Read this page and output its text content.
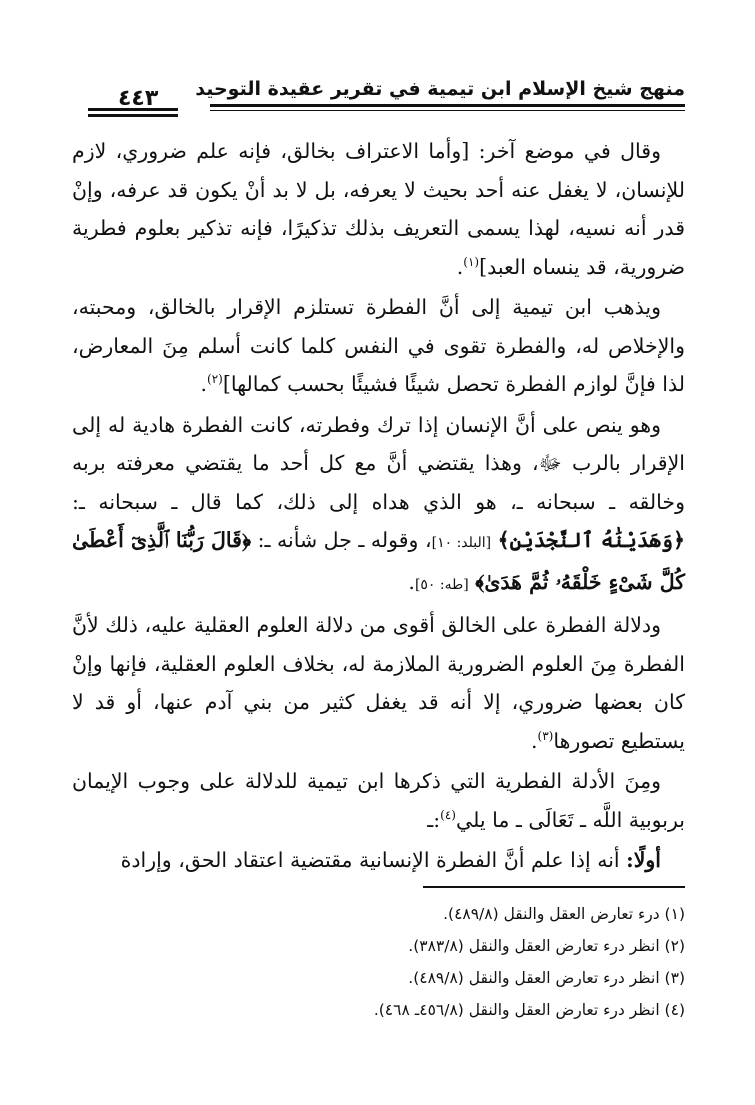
منهج شيخ الإسلام ابن تيمية في تقرير عقيدة التوحيد
٤٤٣

وقال في موضع آخر: [وأما الاعتراف بخالق، فإنه علم ضروري، لازم للإنسان، لا يغفل عنه أحد بحيث لا يعرفه، بل لا بد أنْ يكون قد عرفه، وإنْ قدر أنه نسيه، لهذا يسمى التعريف بذلك تذكيرًا، فإنه تذكير بعلوم فطرية ضرورية، قد ينساه العبد]$^{(١)}$.

ويذهب ابن تيمية إلى أنَّ الفطرة تستلزم الإقرار بالخالق، ومحبته، والإخلاص له، والفطرة تقوى في النفس كلما كانت أسلم مِنَ المعارض، لذا فإنَّ لوازم الفطرة تحصل شيئًا فشيئًا بحسب كمالها]$^{(٢)}$.

وهو ينص على أنَّ الإنسان إذا ترك وفطرته، كانت الفطرة هادية له إلى الإقرار بالرب ﷻ، وهذا يقتضي أنَّ مع كل أحد ما يقتضي معرفته بربه وخالقه ـ سبحانه ـ، هو الذي هداه إلى ذلك، كما قال ـ سبحانه ـ: ﴿وَهَدَيْنَٰهُ ٱلنَّجْدَيْنِ﴾ [البلد: ١٠]، وقوله ـ جل شأنه ـ: ﴿قَالَ رَبُّنَا ٱلَّذِىٓ أَعْطَىٰ كُلَّ شَىْءٍ خَلْقَهُۥ ثُمَّ هَدَىٰ﴾ [طه: ٥٠].

ودلالة الفطرة على الخالق أقوى من دلالة العلوم العقلية عليه، ذلك لأنَّ الفطرة مِنَ العلوم الضرورية الملازمة له، بخلاف العلوم العقلية، فإنها وإنْ كان بعضها ضروري، إلا أنه قد يغفل كثير من بني آدم عنها، أو قد لا يستطيع تصورها$^{(٣)}$.

ومِنَ الأدلة الفطرية التي ذكرها ابن تيمية للدلالة على وجوب الإيمان بربوبية اللَّه ـ تَعَالَى ـ ما يلي$^{(٤)}$:ـ

أولًا: أنه إذا علم أنَّ الفطرة الإنسانية مقتضية اعتقاد الحق، وإرادة

(١) درء تعارض العقل والنقل (٤٨٩/٨).
(٢) انظر درء تعارض العقل والنقل (٣٨٣/٨).
(٣) انظر درء تعارض العقل والنقل (٤٨٩/٨).
(٤) انظر درء تعارض العقل والنقل (٤٥٦/٨ـ ٤٦٨).
